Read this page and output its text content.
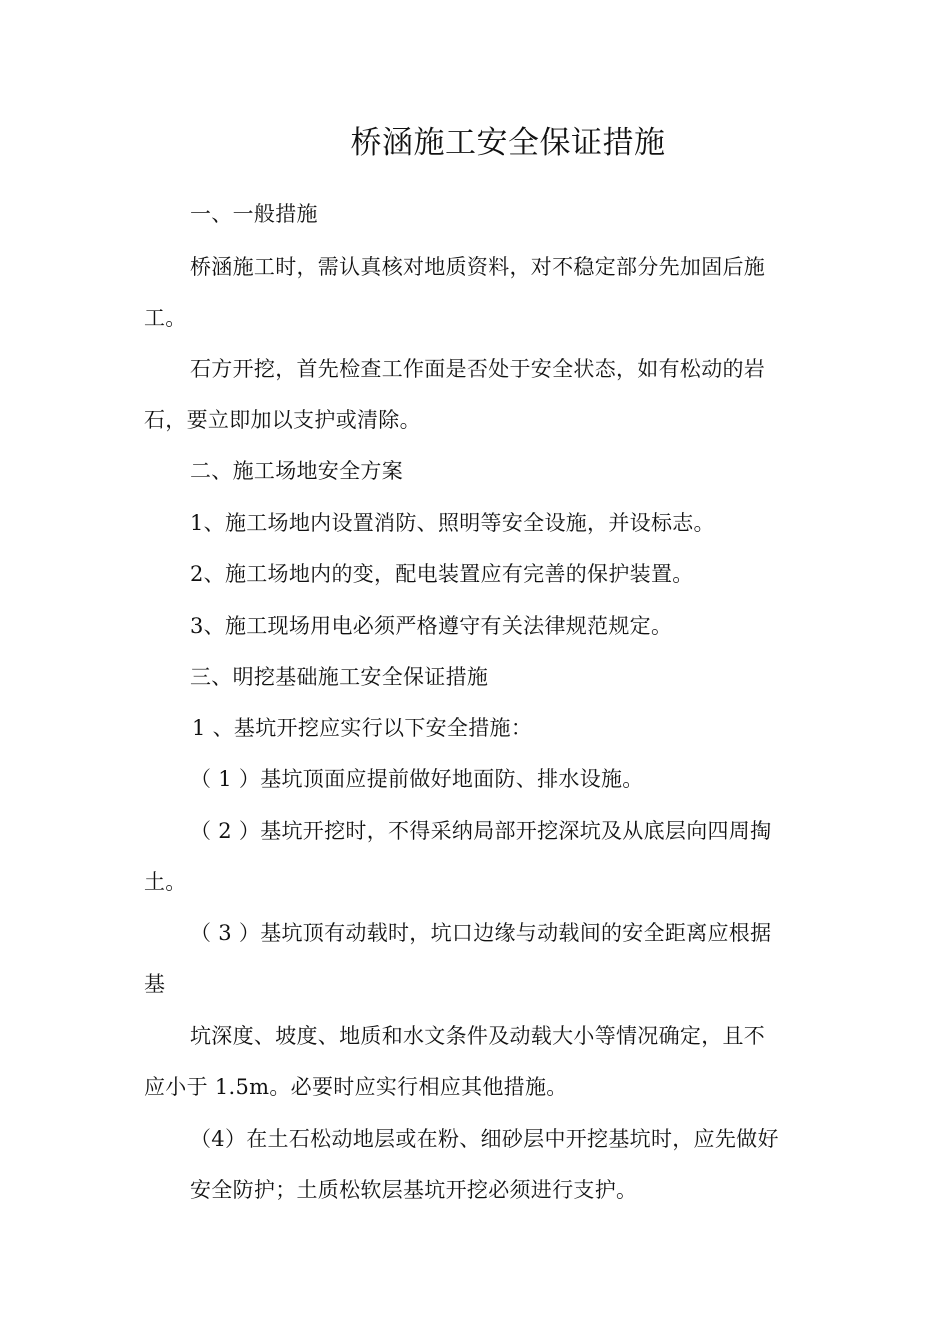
桥涵施工安全保证措施
一、一般措施
桥涵施工时，需认真核对地质资料，对不稳定部分先加固后施
工。
石方开挖，首先检查工作面是否处于安全状态，如有松动的岩
石，要立即加以支护或清除。
二、施工场地安全方案
1、施工场地内设置消防、照明等安全设施，并设标志。
2、施工场地内的变，配电装置应有完善的保护装置。
3、施工现场用电必须严格遵守有关法律规范规定。
三、明挖基础施工安全保证措施
1 、基坑开挖应实行以下安全措施：
（ 1 ）基坑顶面应提前做好地面防、排水设施。
（ 2 ）基坑开挖时，不得采纳局部开挖深坑及从底层向四周掏
土。
（ 3 ）基坑顶有动载时，坑口边缘与动载间的安全距离应根据
基
坑深度、坡度、地质和水文条件及动载大小等情况确定，且不
应小于 1.5m。必要时应实行相应其他措施。
（4）在土石松动地层或在粉、细砂层中开挖基坑时，应先做好
安全防护；土质松软层基坑开挖必须进行支护。
